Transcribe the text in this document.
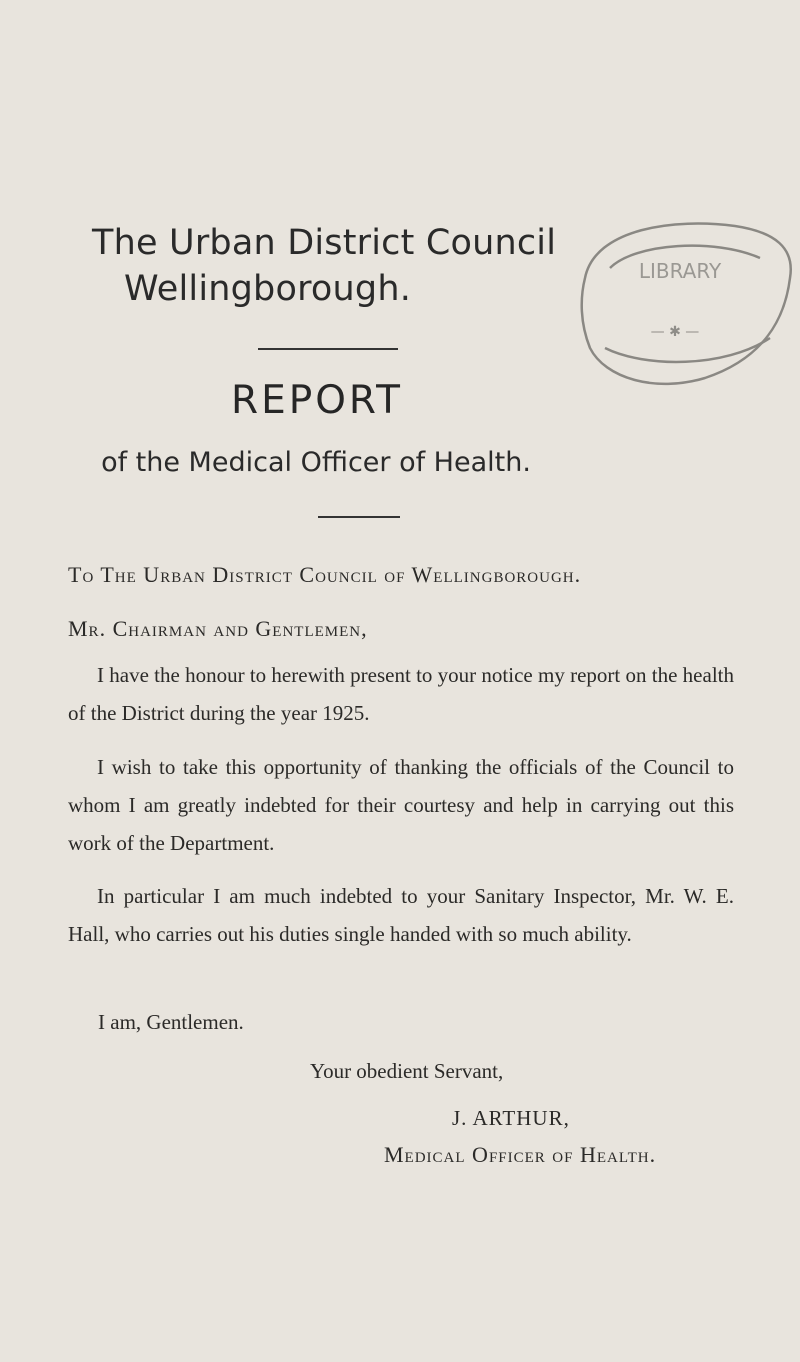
The Urban District Council
Wellingborough.
REPORT
of the Medical Officer of Health.
To The Urban District Council of Wellingborough.
Mr. Chairman and Gentlemen,
I have the honour to herewith present to your notice my report on the health of the District during the year 1925.
I wish to take this opportunity of thanking the officials of the Council to whom I am greatly indebted for their courtesy and help in carrying out this work of the Department.
In particular I am much indebted to your Sanitary Inspector, Mr. W. E. Hall, who carries out his duties single handed with so much ability.
I am, Gentlemen.
Your obedient Servant,
J. ARTHUR,
Medical Officer of Health.
LIBRARY
— ✱ —
